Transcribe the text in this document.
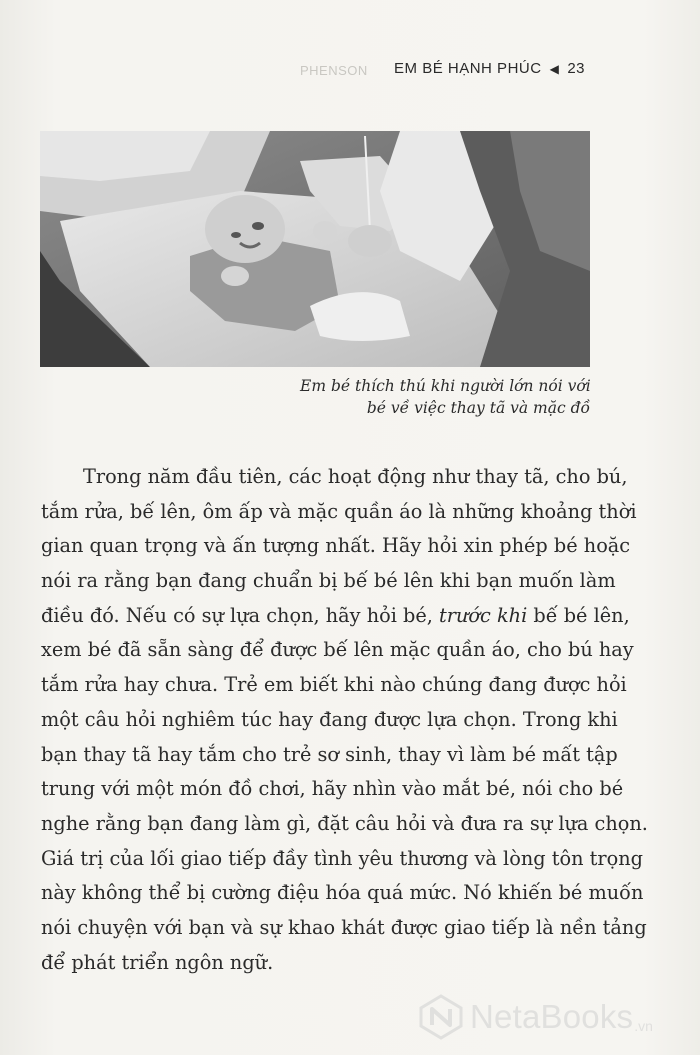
PHENSON EM BÉ HẠNH PHÚC ◀ 23
Em bé thích thú khi người lớn nói với
bé về việc thay tã và mặc đồ
Trong năm đầu tiên, các hoạt động như thay tã, cho bú,
tắm rửa, bế lên, ôm ấp và mặc quần áo là những khoảng thời
gian quan trọng và ấn tượng nhất. Hãy hỏi xin phép bé hoặc
nói ra rằng bạn đang chuẩn bị bế bé lên khi bạn muốn làm
điều đó. Nếu có sự lựa chọn, hãy hỏi bé, trước khi bế bé lên,
xem bé đã sẵn sàng để được bế lên mặc quần áo, cho bú hay
tắm rửa hay chưa. Trẻ em biết khi nào chúng đang được hỏi
một câu hỏi nghiêm túc hay đang được lựa chọn. Trong khi
bạn thay tã hay tắm cho trẻ sơ sinh, thay vì làm bé mất tập
trung với một món đồ chơi, hãy nhìn vào mắt bé, nói cho bé
nghe rằng bạn đang làm gì, đặt câu hỏi và đưa ra sự lựa chọn.
Giá trị của lối giao tiếp đầy tình yêu thương và lòng tôn trọng
này không thể bị cường điệu hóa quá mức. Nó khiến bé muốn
nói chuyện với bạn và sự khao khát được giao tiếp là nền tảng
để phát triển ngôn ngữ.
NetaBooks .vn
